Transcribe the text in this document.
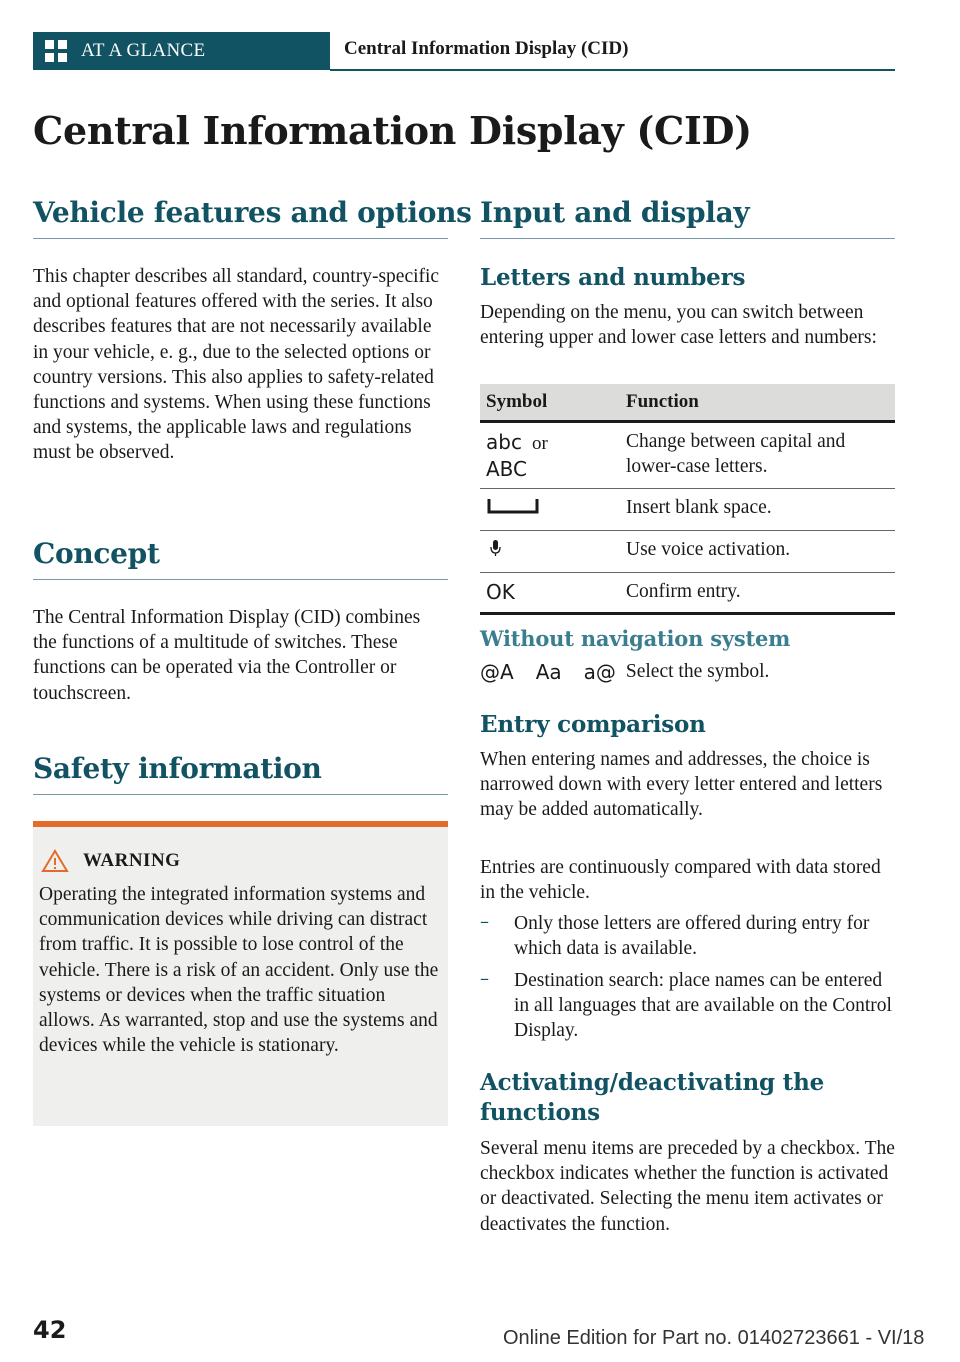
AT A GLANCE	Central Information Display (CID)
Central Information Display (CID)
Vehicle features and options

This chapter describes all standard, country-specific and optional features offered with the series. It also describes features that are not necessarily available in your vehicle, e. g., due to the selected options or country versions. This also applies to safety-related functions and systems. When using these functions and systems, the applicable laws and regulations must be observed.

Concept

The Central Information Display (CID) combines the functions of a multitude of switches. These functions can be operated via the Controller or touchscreen.

Safety information
WARNING

Operating the integrated information systems and communication devices while driving can distract from traffic. It is possible to lose control of the vehicle. There is a risk of an accident. Only use the systems or devices when the traffic situation allows. As warranted, stop and use the systems and devices while the vehicle is stationary.

Input and display
Letters and numbers

Depending on the menu, you can switch between entering upper and lower case letters and numbers:

Symbol	Function

abc or
ABC	Change between capital and lower-case letters.
	Insert blank space.
	Use voice activation.
OK	Confirm entry.
Without navigation system
@A Aa a@ Select the symbol.
Entry comparison

When entering names and addresses, the choice is narrowed down with every letter entered and letters may be added automatically.

Entries are continuously compared with data stored in the vehicle.

– Only those letters are offered during entry for which data is available.

– Destination search: place names can be entered in all languages that are available on the Control Display.

Activating/deactivating the functions

Several menu items are preceded by a checkbox. The checkbox indicates whether the function is activated or deactivated. Selecting the menu item activates or deactivates the function.

42	Online Edition for Part no. 01402723661 - VI/18
